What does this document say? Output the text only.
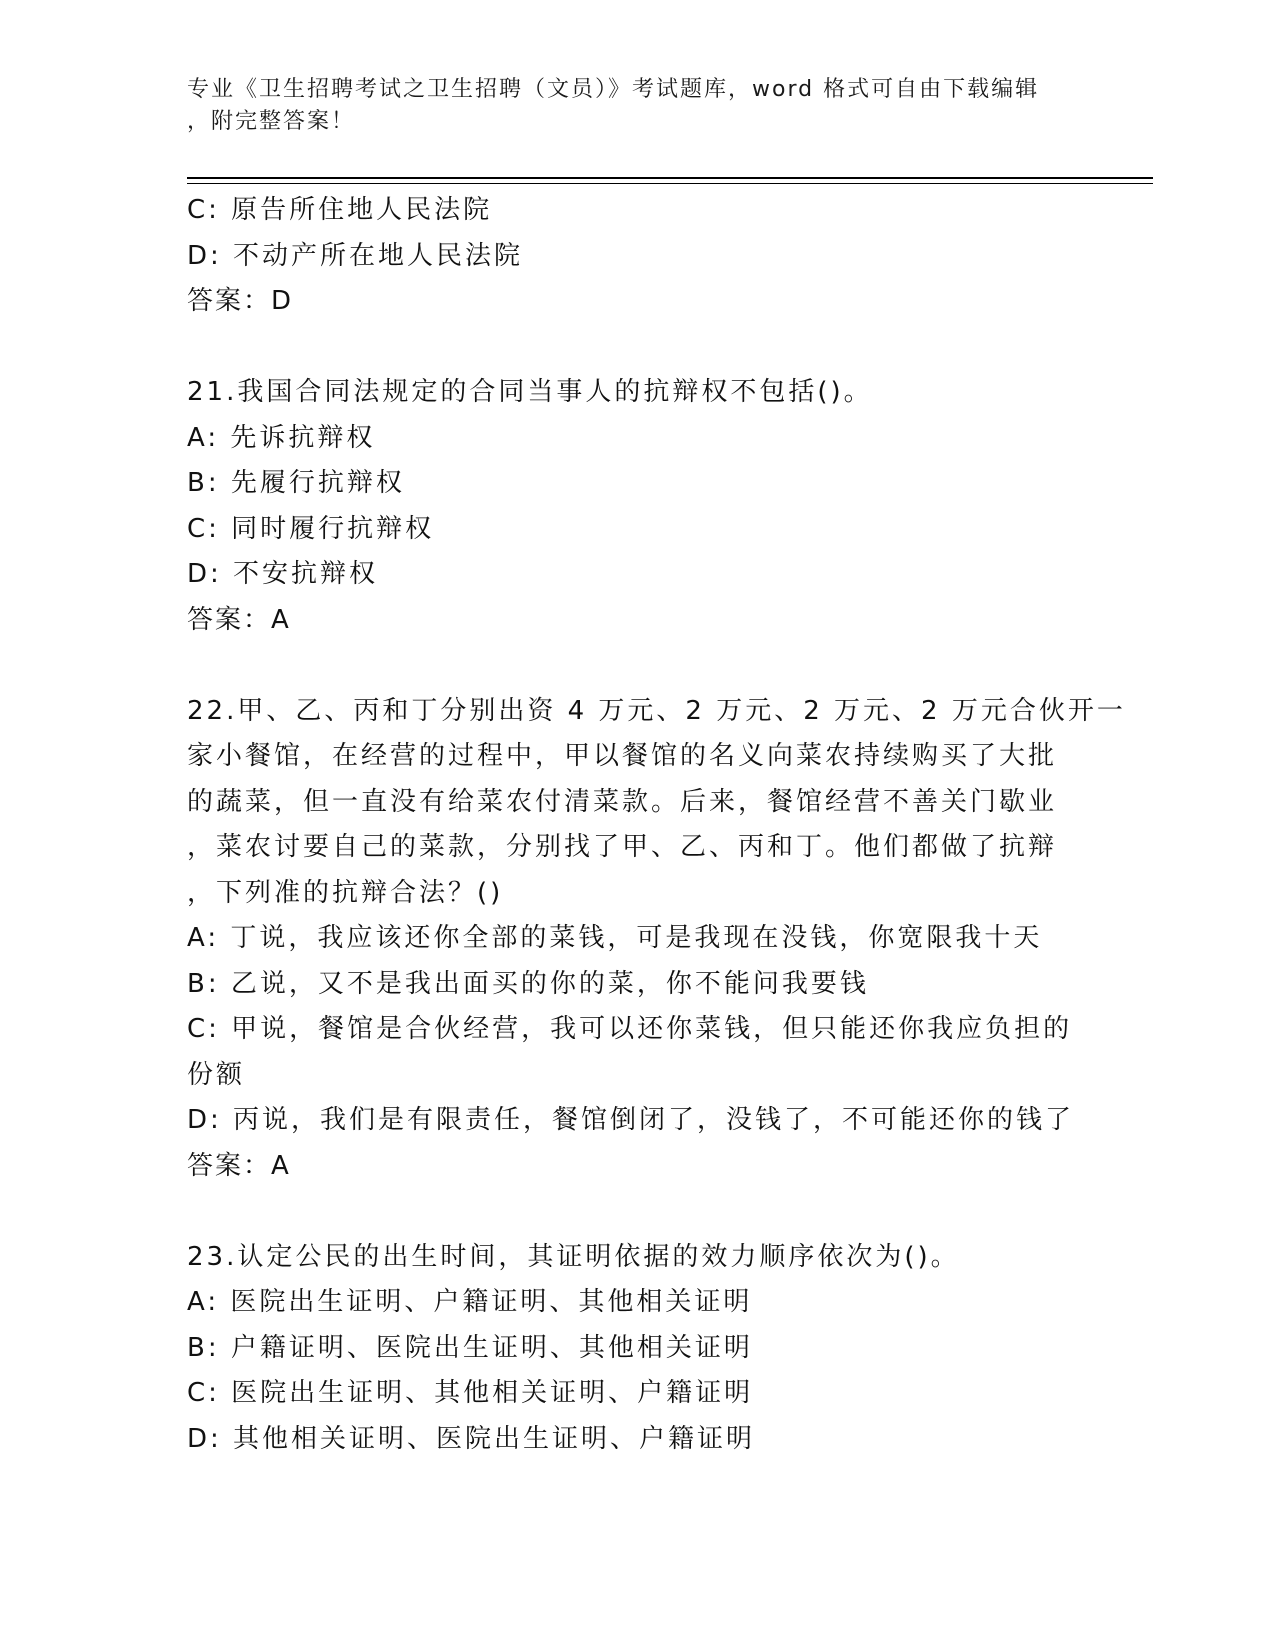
专业《卫生招聘考试之卫生招聘（文员）》考试题库，word 格式可自由下载编辑
，附完整答案！
C: 原告所住地人民法院
D: 不动产所在地人民法院
答案：D
21.我国合同法规定的合同当事人的抗辩权不包括()。
A: 先诉抗辩权
B: 先履行抗辩权
C: 同时履行抗辩权
D: 不安抗辩权
答案：A
22.甲、乙、丙和丁分别出资 4 万元、2 万元、2 万元、2 万元合伙开一
家小餐馆，在经营的过程中，甲以餐馆的名义向菜农持续购买了大批
的蔬菜，但一直没有给菜农付清菜款。后来，餐馆经营不善关门歇业
，菜农讨要自己的菜款，分别找了甲、乙、丙和丁。他们都做了抗辩
，下列准的抗辩合法？()
A: 丁说，我应该还你全部的菜钱，可是我现在没钱，你宽限我十天
B: 乙说，又不是我出面买的你的菜，你不能问我要钱
C: 甲说，餐馆是合伙经营，我可以还你菜钱，但只能还你我应负担的
份额
D: 丙说，我们是有限责任，餐馆倒闭了，没钱了，不可能还你的钱了
答案：A
23.认定公民的出生时间，其证明依据的效力顺序依次为()。
A: 医院出生证明、户籍证明、其他相关证明
B: 户籍证明、医院出生证明、其他相关证明
C: 医院出生证明、其他相关证明、户籍证明
D: 其他相关证明、医院出生证明、户籍证明
